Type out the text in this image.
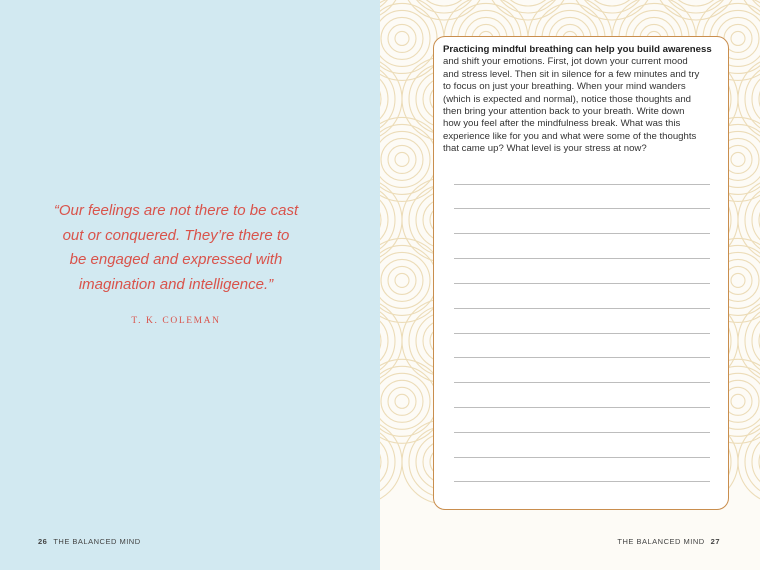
“Our feelings are not there to be cast
out or conquered. They’re there to
be engaged and expressed with
imagination and intelligence.”
T. K. COLEMAN
26 THE BALANCED MIND
Practicing mindful breathing can help you build awareness
and shift your emotions. First, jot down your current mood
and stress level. Then sit in silence for a few minutes and try
to focus on just your breathing. When your mind wanders
(which is expected and normal), notice those thoughts and
then bring your attention back to your breath. Write down
how you feel after the mindfulness break. What was this
experience like for you and what were some of the thoughts
that came up? What level is your stress at now?
THE BALANCED MIND 27
